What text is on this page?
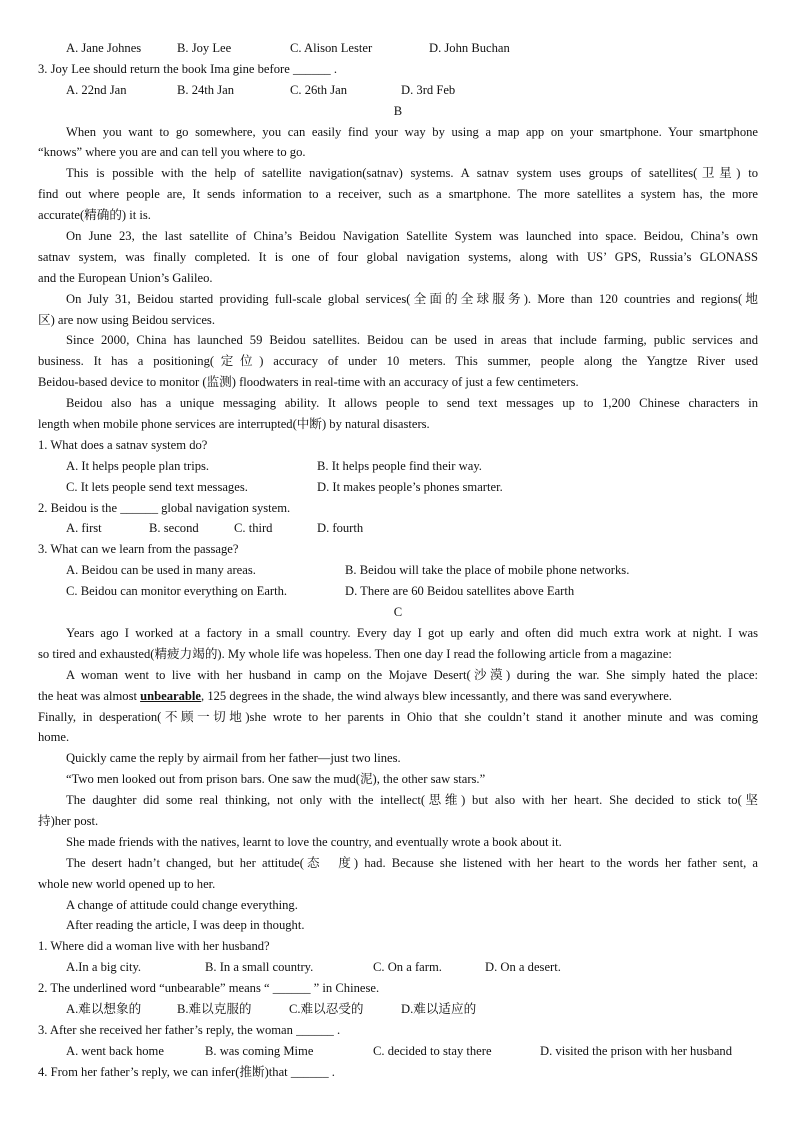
A. Jane Johnes	B. Joy Lee	C. Alison Lester	D. John Buchan
3. Joy Lee should return the book Ima gine before ______ .
A. 22nd Jan	B. 24th Jan	C. 26th Jan	D. 3rd Feb
B
When you want to go somewhere, you can easily find your way by using a map app on your smartphone. Your smartphone
“knows” where you are and can tell you where to go.
This is possible with the help of satellite navigation(satnav) systems. A satnav system uses groups of satellites(卫星) to
find out where people are, It sends information to a receiver, such as a smartphone. The more satellites a system has, the more
accurate(精确的) it is.
On June 23, the last satellite of China’s Beidou Navigation Satellite System was launched into space. Beidou, China’s own
satnav system, was finally completed. It is one of four global navigation systems, along with US’ GPS, Russia’s GLONASS
and the European Union’s Galileo.
On July 31, Beidou started providing full-scale global services(全面的全球服务). More than 120 countries and regions(地
区) are now using Beidou services.
Since 2000, China has launched 59 Beidou satellites. Beidou can be used in areas that include farming, public services and
business. It has a positioning(定位) accuracy of under 10 meters. This summer, people along the Yangtze River used
Beidou-based device to monitor (监测) floodwaters in real-time with an accuracy of just a few centimeters.
Beidou also has a unique messaging ability. It allows people to send text messages up to 1,200 Chinese characters in
length when mobile phone services are interrupted(中断) by natural disasters.
1. What does a satnav system do?
A. It helps people plan trips.	B. It helps people find their way.
C. It lets people send text messages.	D. It makes people’s phones smarter.
2. Beidou is the ______ global navigation system.
A. first	B. second	C. third	D. fourth
3. What can we learn from the passage?
A. Beidou can be used in many areas.	B. Beidou will take the place of mobile phone networks.
C. Beidou can monitor everything on Earth.	D. There are 60 Beidou satellites above Earth
C
Years ago I worked at a factory in a small country. Every day I got up early and often did much extra work at night. I was
so tired and exhausted(精疲力竭的). My whole life was hopeless. Then one day I read the following article from a magazine:
A woman went to live with her husband in camp on the Mojave Desert(沙漠) during the war. She simply hated the place:
the heat was almost unbearable, 125 degrees in the shade, the wind always blew incessantly, and there was sand everywhere.
Finally, in desperation(不顾一切地)she wrote to her parents in Ohio that she couldn’t stand it another minute and was coming
home.
Quickly came the reply by airmail from her father—just two lines.
“Two men looked out from prison bars. One saw the mud(泥), the other saw stars.”
The daughter did some real thinking, not only with the intellect(思维) but also with her heart. She decided to stick to(坚
持)her post.
She made friends with the natives, learnt to love the country, and eventually wrote a book about it.
The desert hadn’t changed, but her attitude(态　度) had. Because she listened with her heart to the words her father sent, a
whole new world opened up to her.
A change of attitude could change everything.
After reading the article, I was deep in thought.
1. Where did a woman live with her husband?
A.In a big city.	B. In a small country.	C. On a farm.	D. On a desert.
2. The underlined word “unbearable” means “ ______ ” in Chinese.
A.难以想象的	B.难以克服的	C.难以忍受的	D.难以适应的
3. After she received her father’s reply, the woman ______ .
A. went back home	B. was coming Mime	C. decided to stay there	D. visited the prison with her husband
4. From her father’s reply, we can infer(推断)that ______ .
